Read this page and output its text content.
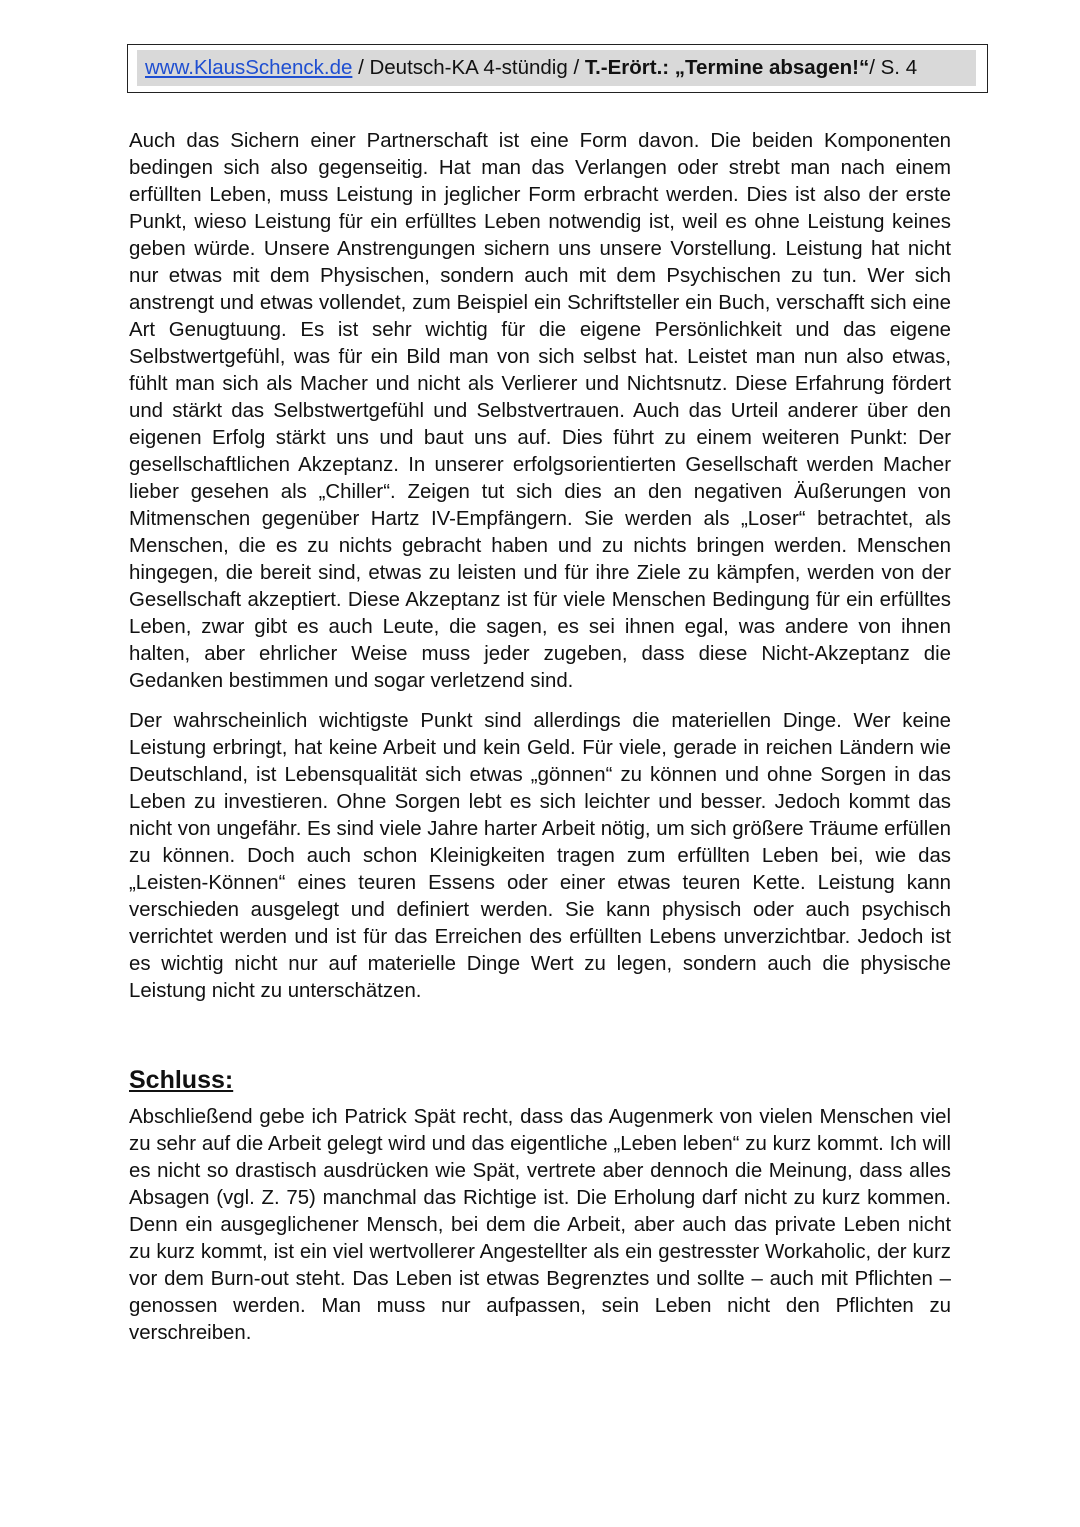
www.KlausSchenck.de / Deutsch-KA 4-stündig / T.-Erört.: „Termine absagen!“ / S. 4

Auch das Sichern einer Partnerschaft ist eine Form davon. Die beiden Komponenten bedingen sich also gegenseitig. Hat man das Verlangen oder strebt man nach einem erfüllten Leben, muss Leistung in jeglicher Form erbracht werden. Dies ist also der erste Punkt, wieso Leistung für ein erfülltes Leben notwendig ist, weil es ohne Leistung keines geben würde. Unsere Anstrengungen sichern uns unsere Vorstellung. Leistung hat nicht nur etwas mit dem Physischen, sondern auch mit dem Psychischen zu tun. Wer sich anstrengt und etwas vollendet, zum Beispiel ein Schriftsteller ein Buch, verschafft sich eine Art Genugtuung. Es ist sehr wichtig für die eigene Persönlichkeit und das eigene Selbstwertgefühl, was für ein Bild man von sich selbst hat. Leistet man nun also etwas, fühlt man sich als Macher und nicht als Verlierer und Nichtsnutz. Diese Erfahrung fördert und stärkt das Selbstwertgefühl und Selbstvertrauen. Auch das Urteil anderer über den eigenen Erfolg stärkt uns und baut uns auf. Dies führt zu einem weiteren Punkt: Der gesellschaftlichen Akzeptanz. In unserer erfolgsorientierten Gesellschaft werden Macher lieber gesehen als „Chiller“. Zeigen tut sich dies an den negativen Äußerungen von Mitmenschen gegenüber Hartz IV-Empfängern. Sie werden als „Loser“ betrachtet, als Menschen, die es zu nichts gebracht haben und zu nichts bringen werden. Menschen hingegen, die bereit sind, etwas zu leisten und für ihre Ziele zu kämpfen, werden von der Gesellschaft akzeptiert. Diese Akzeptanz ist für viele Menschen Bedingung für ein erfülltes Leben, zwar gibt es auch Leute, die sagen, es sei ihnen egal, was andere von ihnen halten, aber ehrlicher Weise muss jeder zugeben, dass diese Nicht-Akzeptanz die Gedanken bestimmen und sogar verletzend sind.

Der wahrscheinlich wichtigste Punkt sind allerdings die materiellen Dinge. Wer keine Leistung erbringt, hat keine Arbeit und kein Geld. Für viele, gerade in reichen Ländern wie Deutschland, ist Lebensqualität sich etwas „gönnen“ zu können und ohne Sorgen in das Leben zu investieren. Ohne Sorgen lebt es sich leichter und besser. Jedoch kommt das nicht von ungefähr. Es sind viele Jahre harter Arbeit nötig, um sich größere Träume erfüllen zu können. Doch auch schon Kleinigkeiten tragen zum erfüllten Leben bei, wie das „Leisten-Können“ eines teuren Essens oder einer etwas teuren Kette. Leistung kann verschieden ausgelegt und definiert werden. Sie kann physisch oder auch psychisch verrichtet werden und ist für das Erreichen des erfüllten Lebens unverzichtbar. Jedoch ist es wichtig nicht nur auf materielle Dinge Wert zu legen, sondern auch die physische Leistung nicht zu unterschätzen.

Schluss:

Abschließend gebe ich Patrick Spät recht, dass das Augenmerk von vielen Menschen viel zu sehr auf die Arbeit gelegt wird und das eigentliche „Leben leben“ zu kurz kommt. Ich will es nicht so drastisch ausdrücken wie Spät, vertrete aber dennoch die Meinung, dass alles Absagen (vgl. Z. 75) manchmal das Richtige ist. Die Erholung darf nicht zu kurz kommen. Denn ein ausgeglichener Mensch, bei dem die Arbeit, aber auch das private Leben nicht zu kurz kommt, ist ein viel wertvollerer Angestellter als ein gestresster Workaholic, der kurz vor dem Burn-out steht. Das Leben ist etwas Begrenztes und sollte – auch mit Pflichten – genossen werden. Man muss nur aufpassen, sein Leben nicht den Pflichten zu verschreiben.
